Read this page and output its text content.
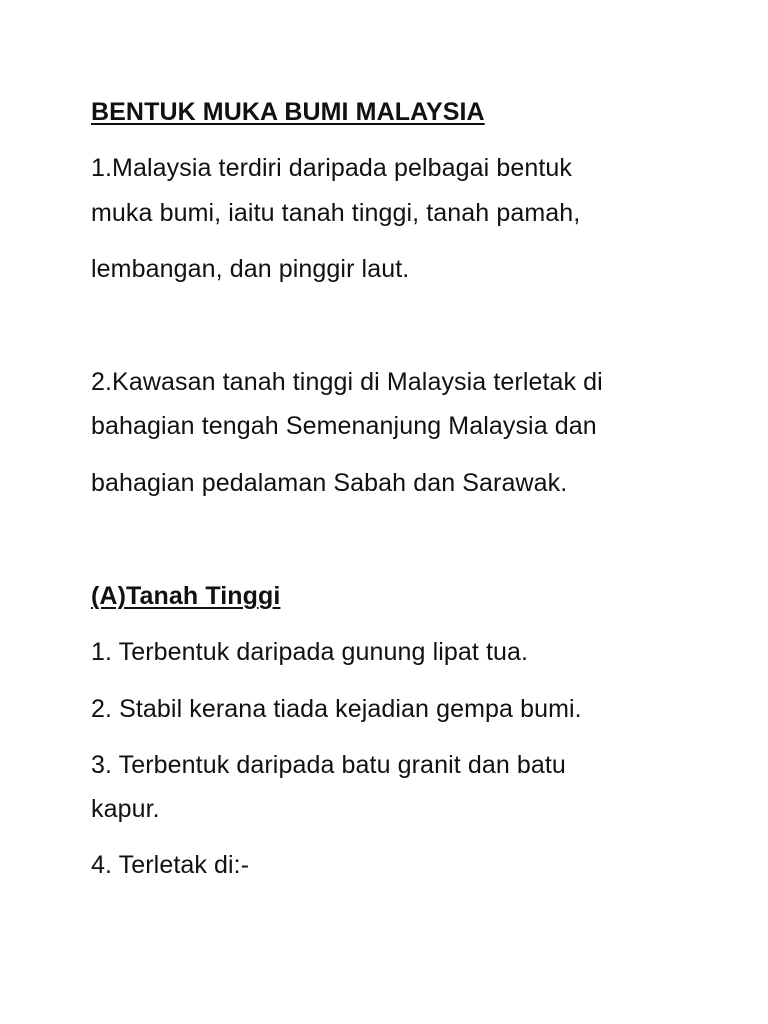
BENTUK MUKA BUMI MALAYSIA

1.Malaysia terdiri daripada pelbagai bentuk

muka bumi, iaitu tanah tinggi, tanah pamah,

lembangan, dan pinggir laut.

2.Kawasan tanah tinggi di Malaysia terletak di

bahagian tengah Semenanjung Malaysia dan

bahagian pedalaman Sabah dan Sarawak.

(A)Tanah Tinggi

1. Terbentuk daripada gunung lipat tua.

2. Stabil kerana tiada kejadian gempa bumi.

3. Terbentuk daripada batu granit dan batu

kapur.

4. Terletak di:-
